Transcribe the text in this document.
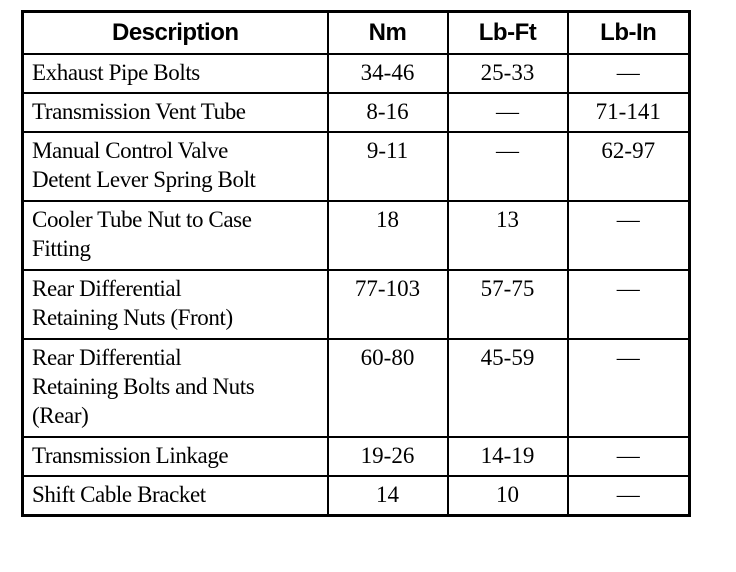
Description	Nm	Lb-Ft	Lb-In

Exhaust Pipe Bolts	34-46	25-33	—

Transmission Vent Tube	8-16	—	71-141

Manual Control Valve
Detent Lever Spring Bolt	9-11	—	62-97

Cooler Tube Nut to Case
Fitting	18	13	—

Rear Differential
Retaining Nuts (Front)	77-103	57-75	—

Rear Differential
Retaining Bolts and Nuts
(Rear)	60-80	45-59	—

Transmission Linkage	19-26	14-19	—

Shift Cable Bracket	14	10	—
